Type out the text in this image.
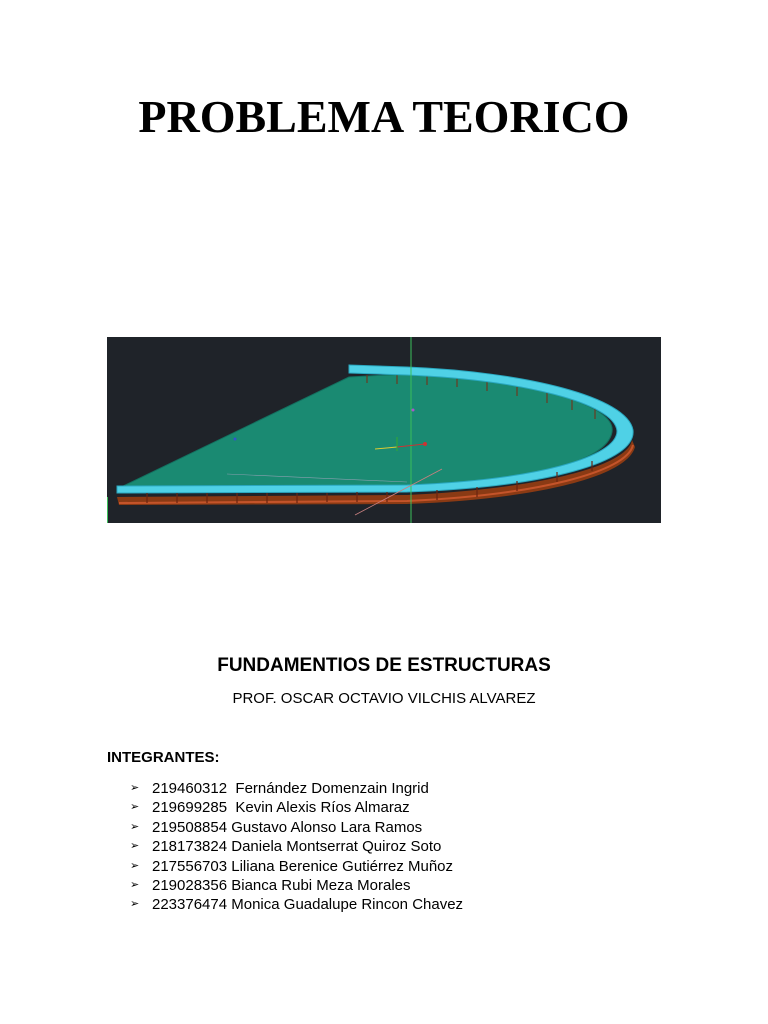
PROBLEMA TEORICO
FUNDAMENTIOS DE ESTRUCTURAS
PROF. OSCAR OCTAVIO VILCHIS ALVAREZ
INTEGRANTES:
➢ 219460312  Fernández Domenzain Ingrid
➢ 219699285  Kevin Alexis Ríos Almaraz
➢ 219508854 Gustavo Alonso Lara Ramos
➢ 218173824 Daniela Montserrat Quiroz Soto
➢ 217556703 Liliana Berenice Gutiérrez Muñoz
➢ 219028356 Bianca Rubi Meza Morales
➢ 223376474 Monica Guadalupe Rincon Chavez
